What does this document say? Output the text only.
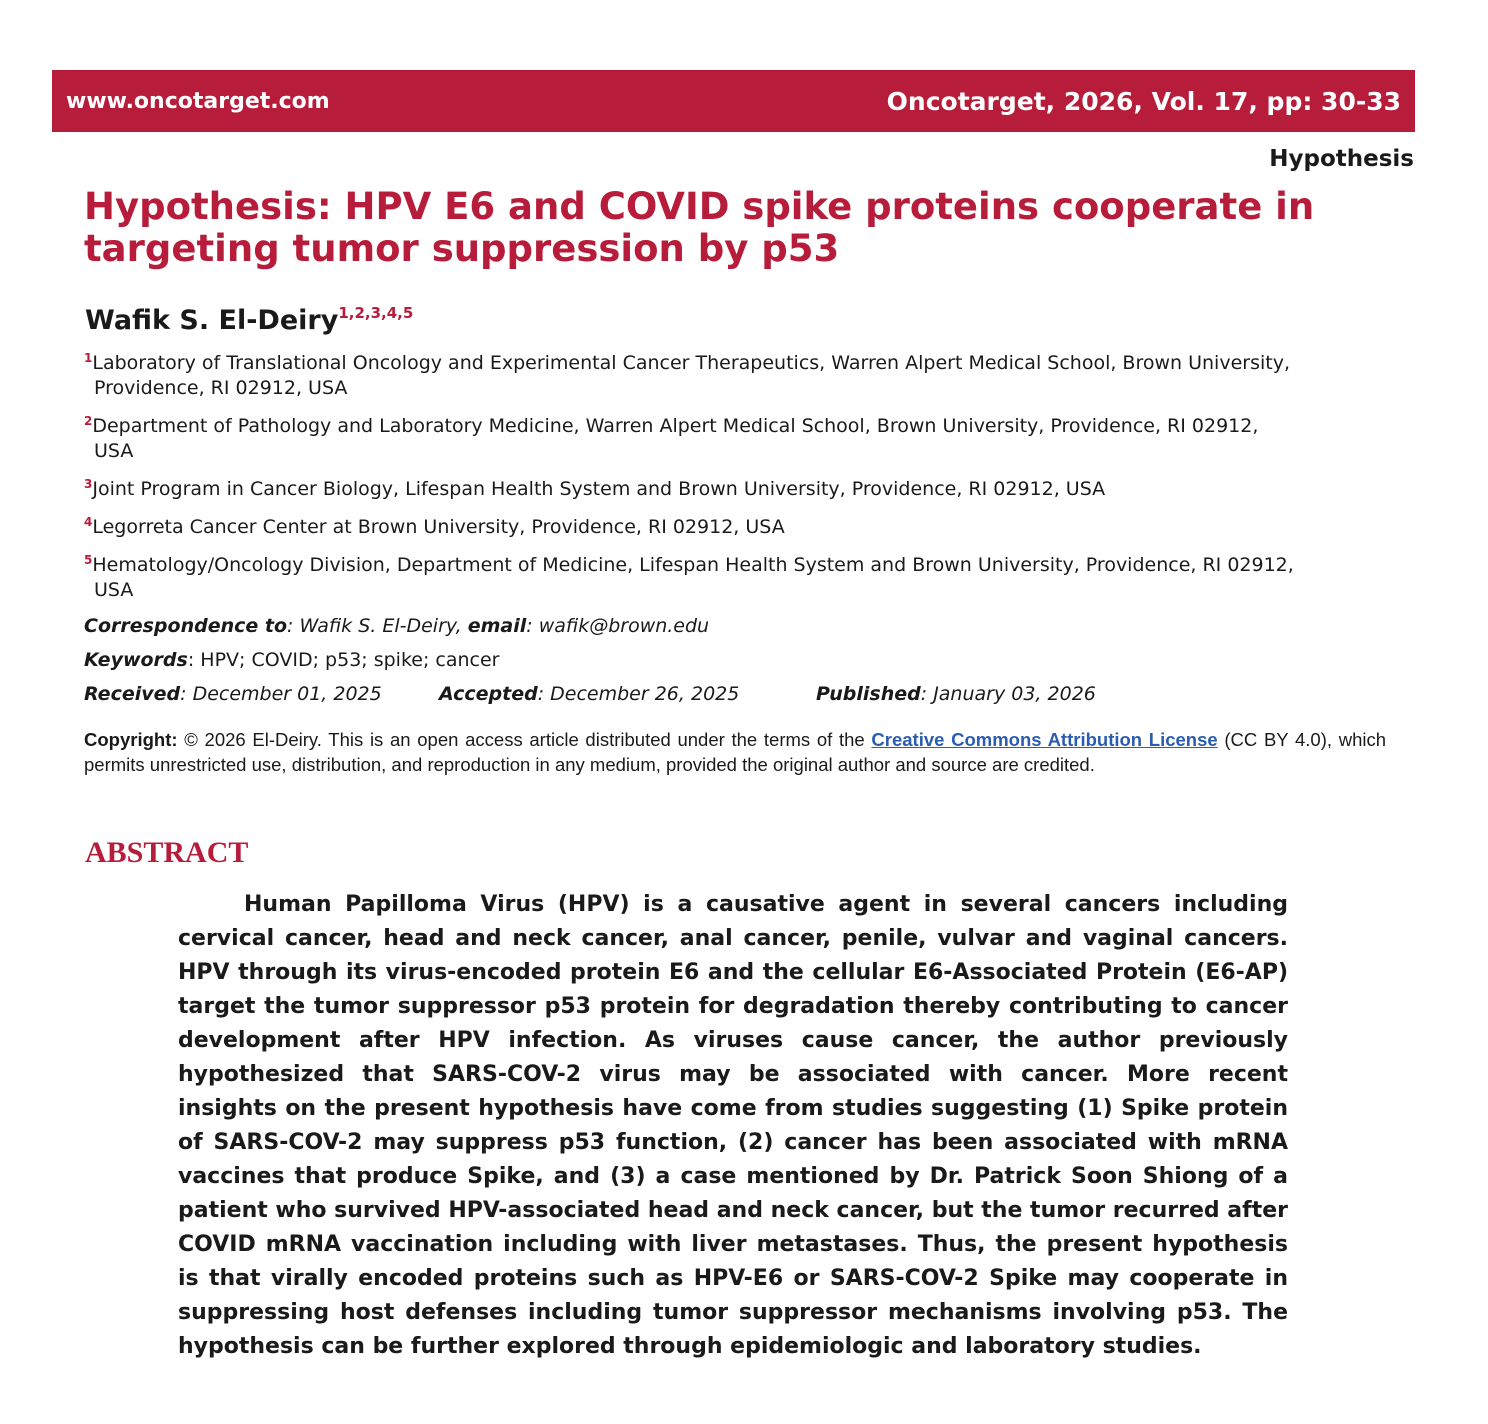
www.oncotarget.com	Oncotarget, 2026, Vol. 17, pp: 30-33
Hypothesis
Hypothesis: HPV E6 and COVID spike proteins cooperate in targeting tumor suppression by p53
Wafik S. El-Deiry$^{1,2,3,4,5}$
$^1$Laboratory of Translational Oncology and Experimental Cancer Therapeutics, Warren Alpert Medical School, Brown University,
Providence, RI 02912, USA
$^2$Department of Pathology and Laboratory Medicine, Warren Alpert Medical School, Brown University, Providence, RI 02912,
USA
$^3$Joint Program in Cancer Biology, Lifespan Health System and Brown University, Providence, RI 02912, USA
$^4$Legorreta Cancer Center at Brown University, Providence, RI 02912, USA
$^5$Hematology/Oncology Division, Department of Medicine, Lifespan Health System and Brown University, Providence, RI 02912,
USA
Correspondence to: Wafik S. El-Deiry, email: wafik@brown.edu
Keywords: HPV; COVID; p53; spike; cancer
Received: December 01, 2025	Accepted: December 26, 2025	Published: January 03, 2026
Copyright: © 2026 El-Deiry. This is an open access article distributed under the terms of the Creative Commons Attribution License (CC BY 4.0), which permits unrestricted use, distribution, and reproduction in any medium, provided the original author and source are credited.
ABSTRACT

Human Papilloma Virus (HPV) is a causative agent in several cancers including cervical cancer, head and neck cancer, anal cancer, penile, vulvar and vaginal cancers. HPV through its virus-encoded protein E6 and the cellular E6-Associated Protein (E6-AP) target the tumor suppressor p53 protein for degradation thereby contributing to cancer development after HPV infection. As viruses cause cancer, the author previously hypothesized that SARS-COV-2 virus may be associated with cancer. More recent insights on the present hypothesis have come from studies suggesting (1) Spike protein of SARS-COV-2 may suppress p53 function, (2) cancer has been associated with mRNA vaccines that produce Spike, and (3) a case mentioned by Dr. Patrick Soon Shiong of a patient who survived HPV-associated head and neck cancer, but the tumor recurred after COVID mRNA vaccination including with liver metastases. Thus, the present hypothesis is that virally encoded proteins such as HPV-E6 or SARS-COV-2 Spike may cooperate in suppressing host defenses including tumor suppressor mechanisms involving p53. The hypothesis can be further explored through epidemiologic and laboratory studies.
